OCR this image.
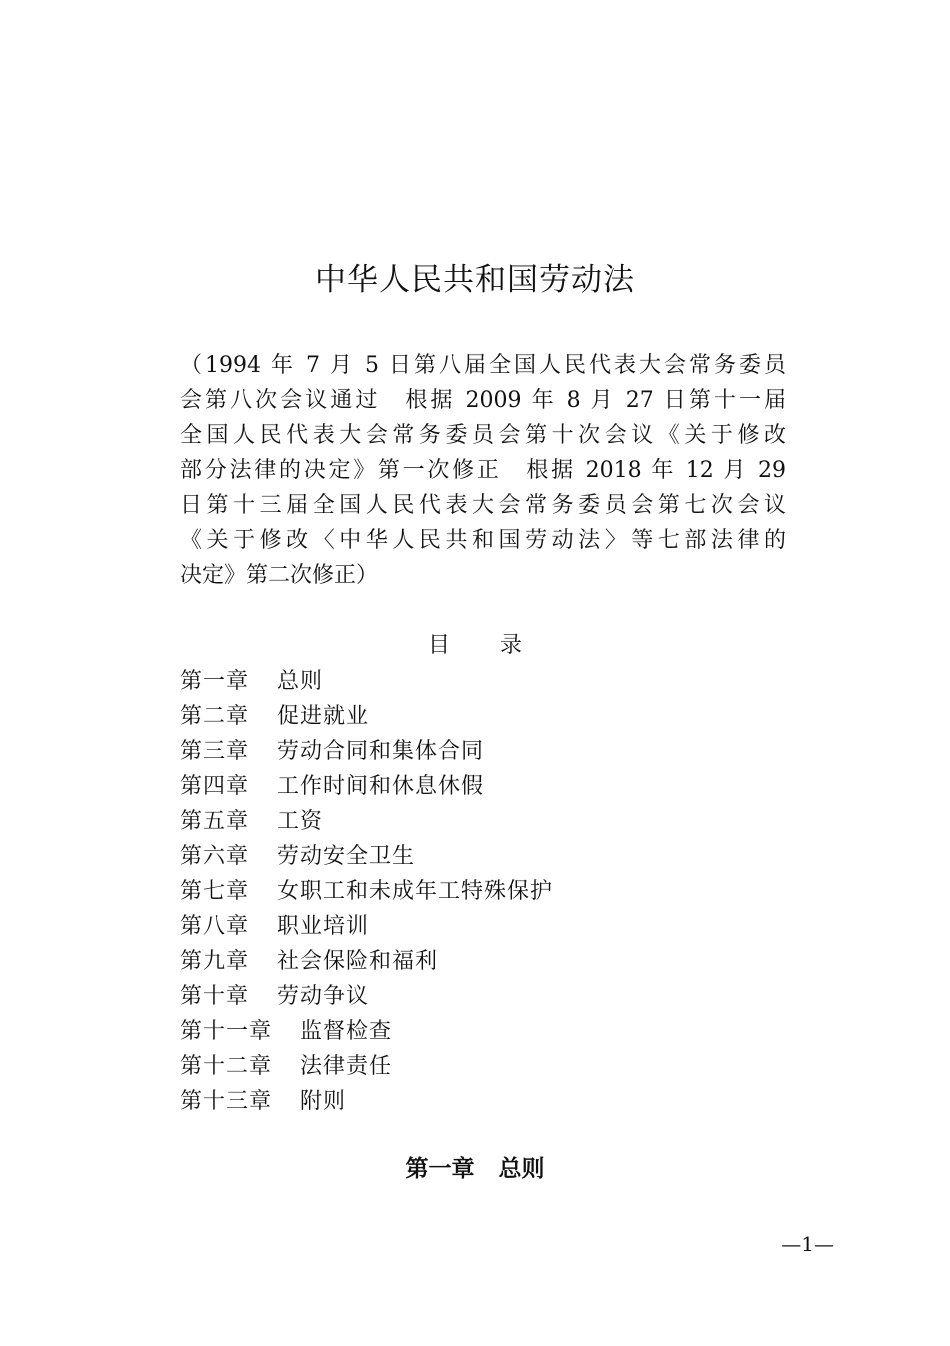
中华人民共和国劳动法
（1994 年 7 月 5 日第八届全国人民代表大会常务委员
会第八次会议通过　根据 2009 年 8 月 27 日第十一届
全国人民代表大会常务委员会第十次会议《关于修改
部分法律的决定》第一次修正　根据 2018 年 12 月 29
日第十三届全国人民代表大会常务委员会第七次会议
《关于修改〈中华人民共和国劳动法〉等七部法律的
决定》第二次修正）
目 录
第一章 总则
第二章 促进就业
第三章 劳动合同和集体合同
第四章 工作时间和休息休假
第五章 工资
第六章 劳动安全卫生
第七章 女职工和未成年工特殊保护
第八章 职业培训
第九章 社会保险和福利
第十章 劳动争议
第十一章 监督检查
第十二章 法律责任
第十三章 附则
第一章 总则
—1—
